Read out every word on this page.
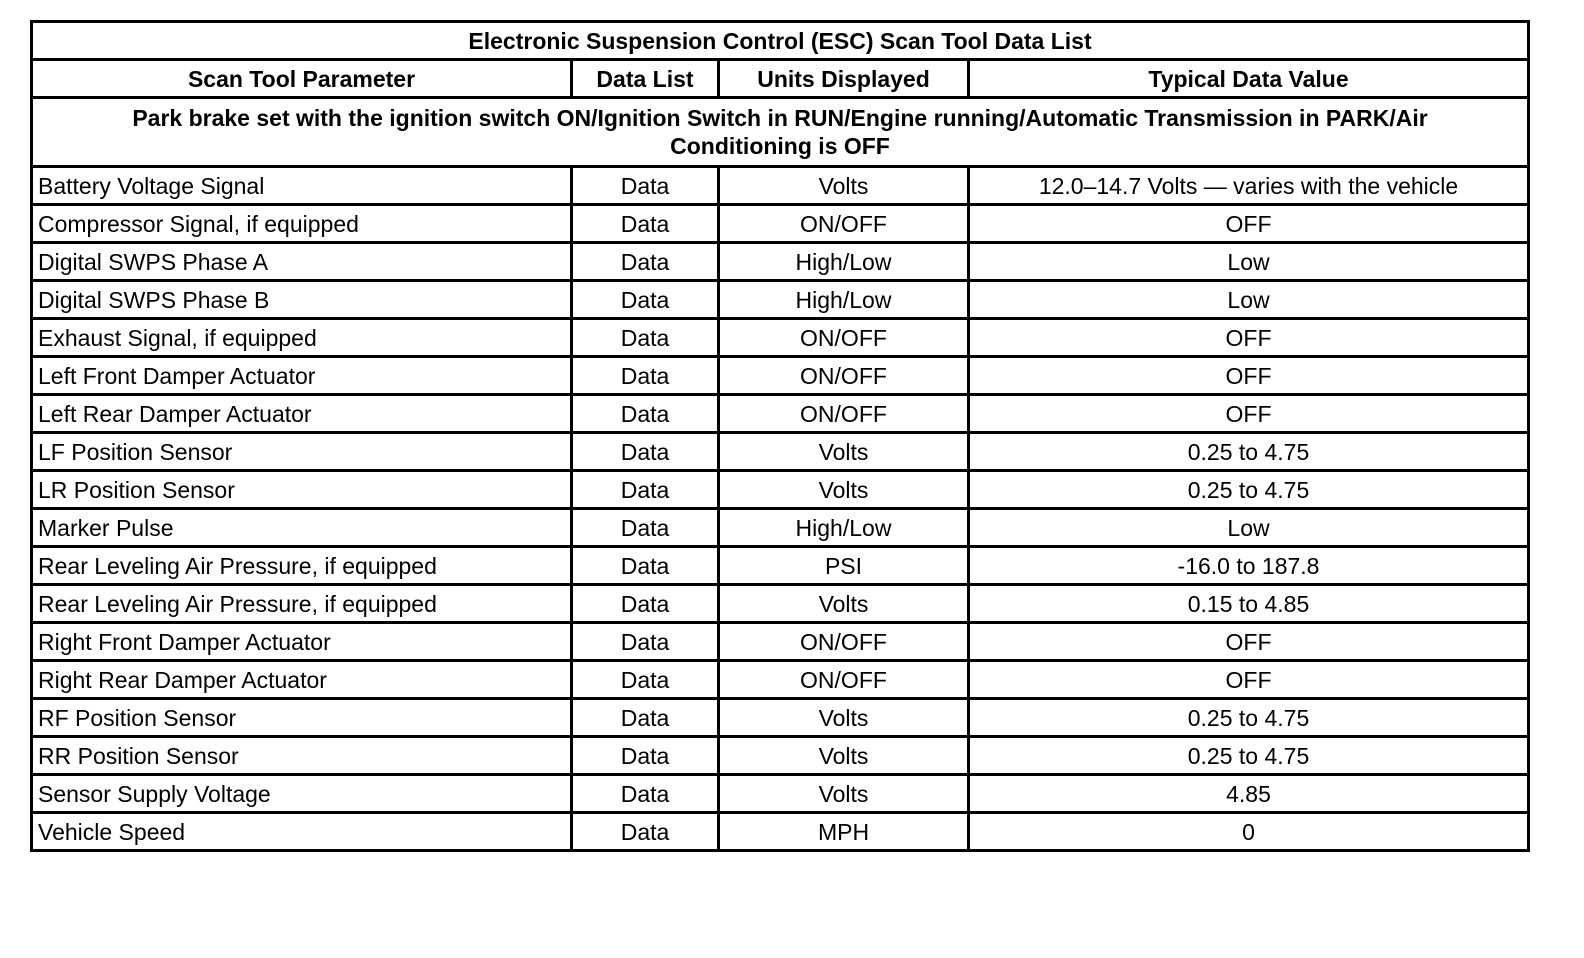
Electronic Suspension Control (ESC) Scan Tool Data List			
Scan Tool Parameter	Data List	Units Displayed	Typical Data Value
Park brake set with the ignition switch ON/Ignition Switch in RUN/Engine running/Automatic Transmission in PARK/Air Conditioning is OFF			
Battery Voltage Signal	Data	Volts	12.0–14.7 Volts — varies with the vehicle
Compressor Signal, if equipped	Data	ON/OFF	OFF
Digital SWPS Phase A	Data	High/Low	Low
Digital SWPS Phase B	Data	High/Low	Low
Exhaust Signal, if equipped	Data	ON/OFF	OFF
Left Front Damper Actuator	Data	ON/OFF	OFF
Left Rear Damper Actuator	Data	ON/OFF	OFF
LF Position Sensor	Data	Volts	0.25 to 4.75
LR Position Sensor	Data	Volts	0.25 to 4.75
Marker Pulse	Data	High/Low	Low
Rear Leveling Air Pressure, if equipped	Data	PSI	-16.0 to 187.8
Rear Leveling Air Pressure, if equipped	Data	Volts	0.15 to 4.85
Right Front Damper Actuator	Data	ON/OFF	OFF
Right Rear Damper Actuator	Data	ON/OFF	OFF
RF Position Sensor	Data	Volts	0.25 to 4.75
RR Position Sensor	Data	Volts	0.25 to 4.75
Sensor Supply Voltage	Data	Volts	4.85
Vehicle Speed	Data	MPH	0
